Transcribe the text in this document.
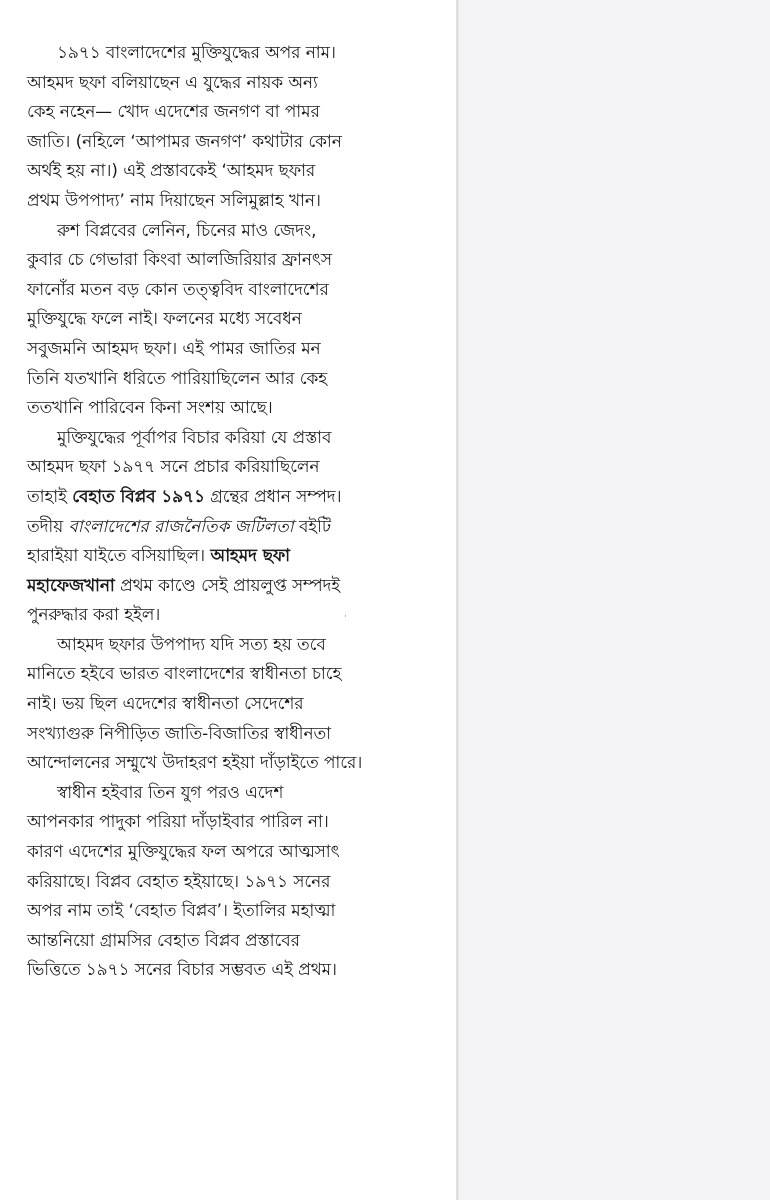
১৯৭১ বাংলাদেশের মুক্তিযুদ্ধের অপর নাম।
আহমদ ছফা বলিয়াছেন এ যুদ্ধের নায়ক অন্য
কেহ নহেন— খোদ এদেশের জনগণ বা পামর
জাতি। (নহিলে ‘আপামর জনগণ’ কথাটার কোন
অর্থই হয় না।) এই প্রস্তাবকেই ‘আহমদ ছফার
প্রথম উপপাদ্য’ নাম দিয়াছেন সলিমুল্লাহ খান।

রুশ বিপ্লবের লেনিন, চিনের মাও জেদং,
কুবার চে গেভারা কিংবা আলজিরিয়ার ফ্রানৎস
ফানোঁর মতন বড় কোন তত্ত্ববিদ বাংলাদেশের
মুক্তিযুদ্ধে ফলে নাই। ফলনের মধ্যে সবেধন
সবুজমনি আহমদ ছফা। এই পামর জাতির মন
তিনি যতখানি ধরিতে পারিয়াছিলেন আর কেহ
ততখানি পারিবেন কিনা সংশয় আছে।

মুক্তিযুদ্ধের পূর্বাপর বিচার করিয়া যে প্রস্তাব
আহমদ ছফা ১৯৭৭ সনে প্রচার করিয়াছিলেন
তাহাই বেহাত বিপ্লব ১৯৭১ গ্রন্থের প্রধান সম্পদ।
তদীয় বাংলাদেশের রাজনৈতিক জটিলতা বইটি
হারাইয়া যাইতে বসিয়াছিল। আহমদ ছফা
মহাফেজখানা প্রথম কাণ্ডে সেই প্রায়লুপ্ত সম্পদই
পুনরুদ্ধার করা হইল।

আহমদ ছফার উপপাদ্য যদি সত্য হয় তবে
মানিতে হইবে ভারত বাংলাদেশের স্বাধীনতা চাহে
নাই। ভয় ছিল এদেশের স্বাধীনতা সেদেশের
সংখ্যাগুরু নিপীড়িত জাতি-বিজাতির স্বাধীনতা
আন্দোলনের সম্মুখে উদাহরণ হইয়া দাঁড়াইতে পারে।

স্বাধীন হইবার তিন যুগ পরও এদেশ
আপনকার পাদুকা পরিয়া দাঁড়াইবার পারিল না।
কারণ এদেশের মুক্তিযুদ্ধের ফল অপরে আত্মসাৎ
করিয়াছে। বিপ্লব বেহাত হইয়াছে। ১৯৭১ সনের
অপর নাম তাই ‘বেহাত বিপ্লব’। ইতালির মহাত্মা
আন্তনিয়ো গ্রামসির বেহাত বিপ্লব প্রস্তাবের
ভিত্তিতে ১৯৭১ সনের বিচার সম্ভবত এই প্রথম।

·
